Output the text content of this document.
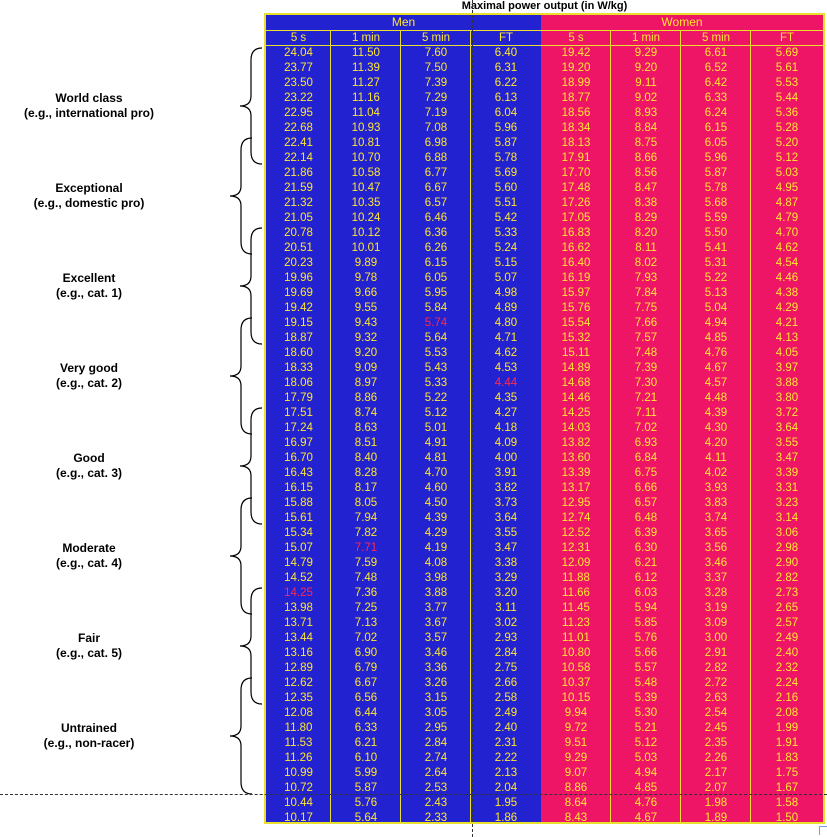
Maximal power output (in W/kg)
Men
5 s	1 min	5 min	FT
24.04	11.50	7.60	6.40
23.77	11.39	7.50	6.31
23.50	11.27	7.39	6.22
23.22	11.16	7.29	6.13
22.95	11.04	7.19	6.04
22.68	10.93	7.08	5.96
22.41	10.81	6.98	5.87
22.14	10.70	6.88	5.78
21.86	10.58	6.77	5.69
21.59	10.47	6.67	5.60
21.32	10.35	6.57	5.51
21.05	10.24	6.46	5.42
20.78	10.12	6.36	5.33
20.51	10.01	6.26	5.24
20.23	9.89	6.15	5.15
19.96	9.78	6.05	5.07
19.69	9.66	5.95	4.98
19.42	9.55	5.84	4.89
19.15	9.43	5.74	4.80
18.87	9.32	5.64	4.71
18.60	9.20	5.53	4.62
18.33	9.09	5.43	4.53
18.06	8.97	5.33	4.44
17.79	8.86	5.22	4.35
17.51	8.74	5.12	4.27
17.24	8.63	5.01	4.18
16.97	8.51	4.91	4.09
16.70	8.40	4.81	4.00
16.43	8.28	4.70	3.91
16.15	8.17	4.60	3.82
15.88	8.05	4.50	3.73
15.61	7.94	4.39	3.64
15.34	7.82	4.29	3.55
15.07	7.71	4.19	3.47
14.79	7.59	4.08	3.38
14.52	7.48	3.98	3.29
14.25	7.36	3.88	3.20
13.98	7.25	3.77	3.11
13.71	7.13	3.67	3.02
13.44	7.02	3.57	2.93
13.16	6.90	3.46	2.84
12.89	6.79	3.36	2.75
12.62	6.67	3.26	2.66
12.35	6.56	3.15	2.58
12.08	6.44	3.05	2.49
11.80	6.33	2.95	2.40
11.53	6.21	2.84	2.31
11.26	6.10	2.74	2.22
10.99	5.99	2.64	2.13
10.72	5.87	2.53	2.04
10.44	5.76	2.43	1.95
10.17	5.64	2.33	1.86
Women
5 s	1 min	5 min	FT
19.42	9.29	6.61	5.69
19.20	9.20	6.52	5.61
18.99	9.11	6.42	5.53
18.77	9.02	6.33	5.44
18.56	8.93	6.24	5.36
18.34	8.84	6.15	5.28
18.13	8.75	6.05	5.20
17.91	8.66	5.96	5.12
17.70	8.56	5.87	5.03
17.48	8.47	5.78	4.95
17.26	8.38	5.68	4.87
17.05	8.29	5.59	4.79
16.83	8.20	5.50	4.70
16.62	8.11	5.41	4.62
16.40	8.02	5.31	4.54
16.19	7.93	5.22	4.46
15.97	7.84	5.13	4.38
15.76	7.75	5.04	4.29
15.54	7.66	4.94	4.21
15.32	7.57	4.85	4.13
15.11	7.48	4.76	4.05
14.89	7.39	4.67	3.97
14.68	7.30	4.57	3.88
14.46	7.21	4.48	3.80
14.25	7.11	4.39	3.72
14.03	7.02	4.30	3.64
13.82	6.93	4.20	3.55
13.60	6.84	4.11	3.47
13.39	6.75	4.02	3.39
13.17	6.66	3.93	3.31
12.95	6.57	3.83	3.23
12.74	6.48	3.74	3.14
12.52	6.39	3.65	3.06
12.31	6.30	3.56	2.98
12.09	6.21	3.46	2.90
11.88	6.12	3.37	2.82
11.66	6.03	3.28	2.73
11.45	5.94	3.19	2.65
11.23	5.85	3.09	2.57
11.01	5.76	3.00	2.49
10.80	5.66	2.91	2.40
10.58	5.57	2.82	2.32
10.37	5.48	2.72	2.24
10.15	5.39	2.63	2.16
9.94	5.30	2.54	2.08
9.72	5.21	2.45	1.99
9.51	5.12	2.35	1.91
9.29	5.03	2.26	1.83
9.07	4.94	2.17	1.75
8.86	4.85	2.07	1.67
8.64	4.76	1.98	1.58
8.43	4.67	1.89	1.50
World class
(e.g., international pro)
Exceptional
(e.g., domestic pro)
Excellent
(e.g., cat. 1)
Very good
(e.g., cat. 2)
Good
(e.g., cat. 3)
Moderate
(e.g., cat. 4)
Fair
(e.g., cat. 5)
Untrained
(e.g., non-racer)
